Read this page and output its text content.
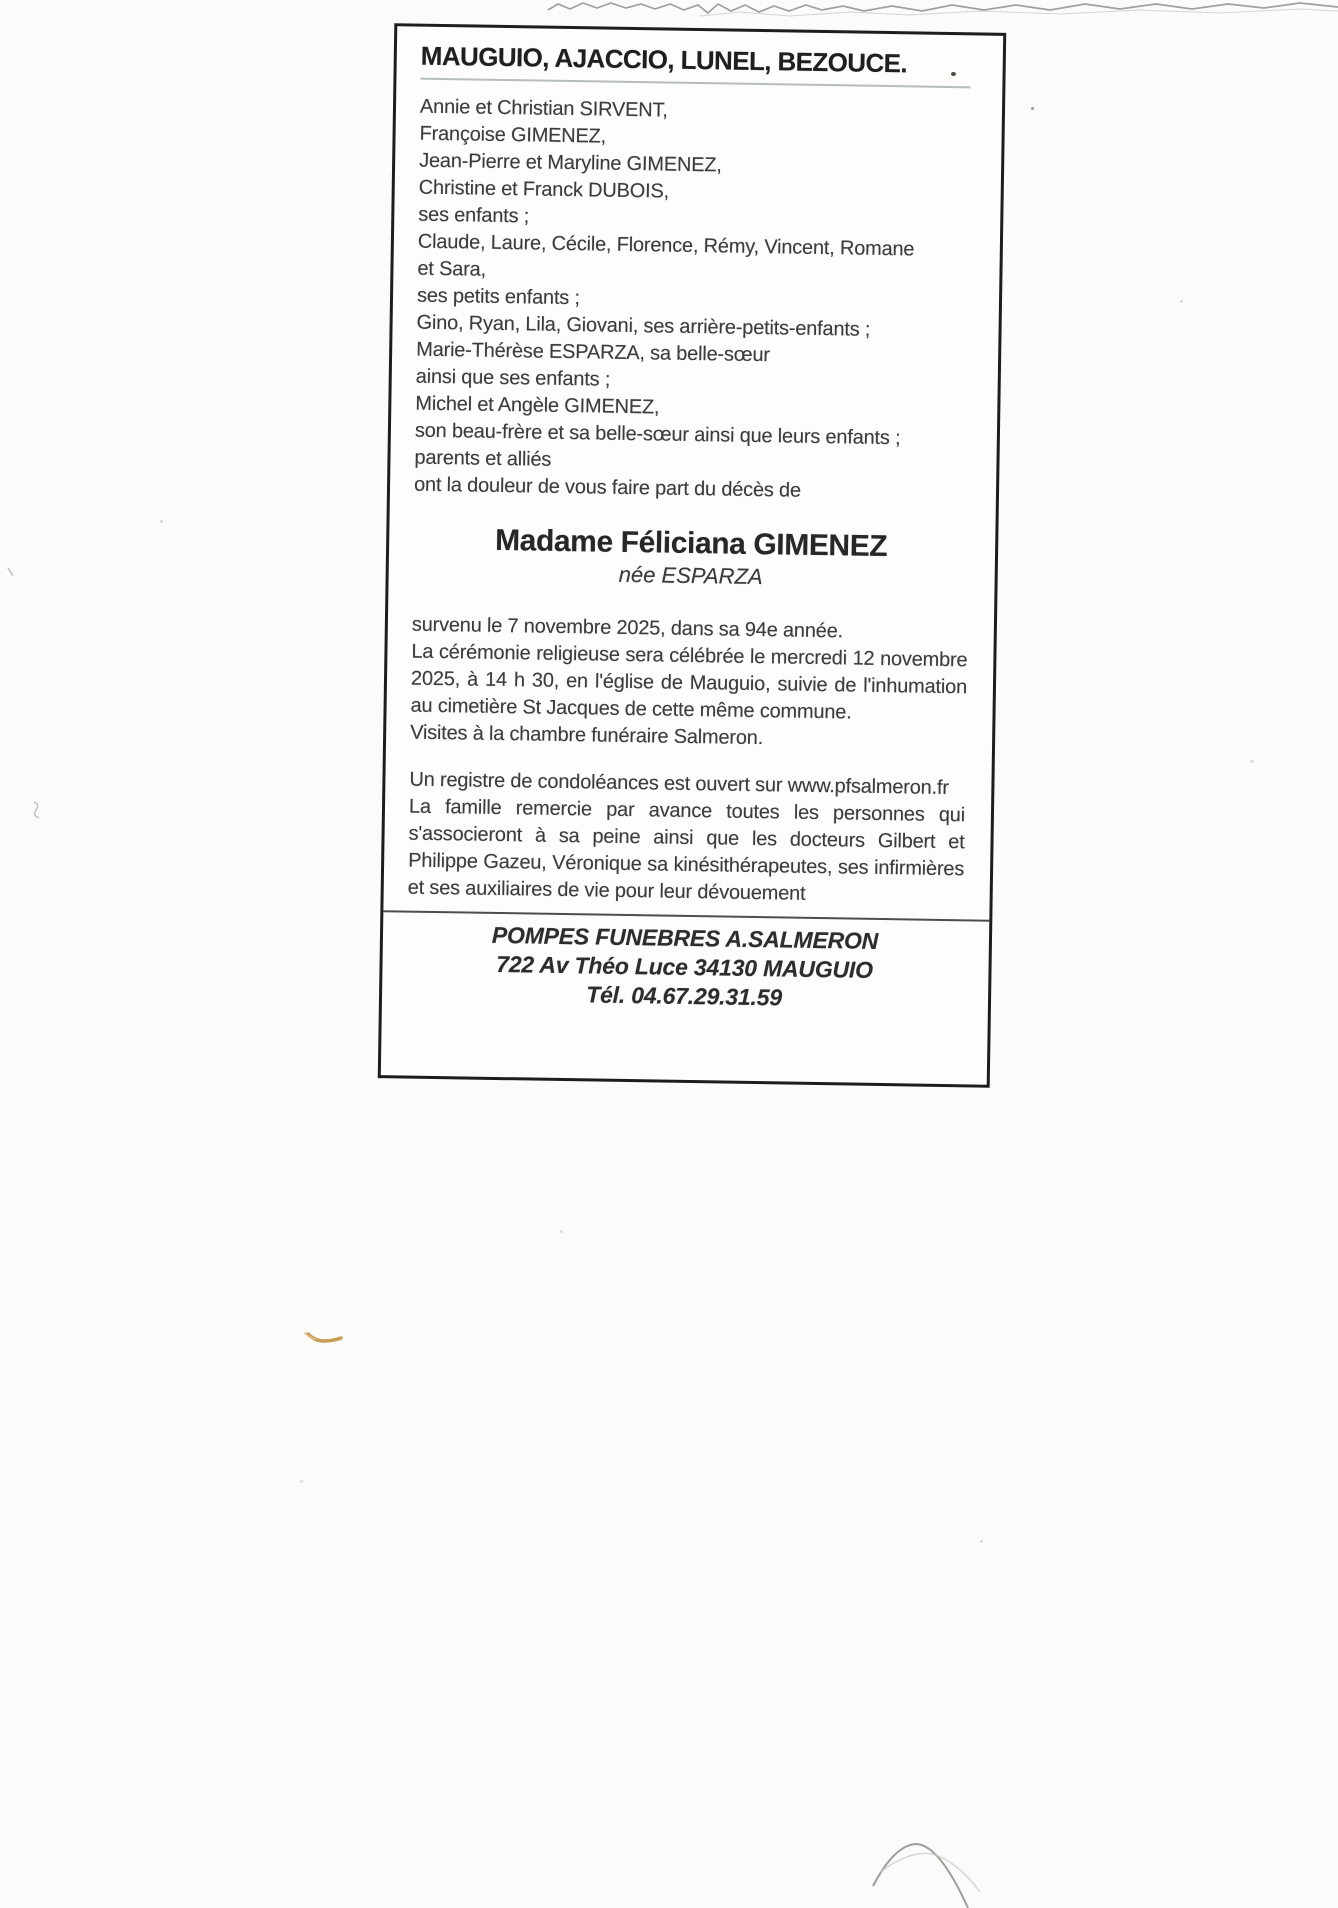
MAUGUIO, AJACCIO, LUNEL, BEZOUCE.
Annie et Christian SIRVENT,
Françoise GIMENEZ,
Jean-Pierre et Maryline GIMENEZ,
Christine et Franck DUBOIS,
ses enfants ;
Claude, Laure, Cécile, Florence, Rémy, Vincent, Romane
et Sara,
ses petits enfants ;
Gino, Ryan, Lila, Giovani, ses arrière-petits-enfants ;
Marie-Thérèse ESPARZA, sa belle-sœur
ainsi que ses enfants ;
Michel et Angèle GIMENEZ,
son beau-frère et sa belle-sœur ainsi que leurs enfants ;
parents et alliés
ont la douleur de vous faire part du décès de
Madame Féliciana GIMENEZ
née ESPARZA
survenu le 7 novembre 2025, dans sa 94e année.
La cérémonie religieuse sera célébrée le mercredi 12 novembre 2025, à 14 h 30, en l'église de Mauguio, suivie de l'inhumation au cimetière St Jacques de cette même commune.
Visites à la chambre funéraire Salmeron.
Un registre de condoléances est ouvert sur www.pfsalmeron.fr
La famille remercie par avance toutes les personnes qui s'associeront à sa peine ainsi que les docteurs Gilbert et Philippe Gazeu, Véronique sa kinésithérapeutes, ses infirmières et ses auxiliaires de vie pour leur dévouement
POMPES FUNEBRES A.SALMERON
722 Av Théo Luce 34130 MAUGUIO
Tél. 04.67.29.31.59
